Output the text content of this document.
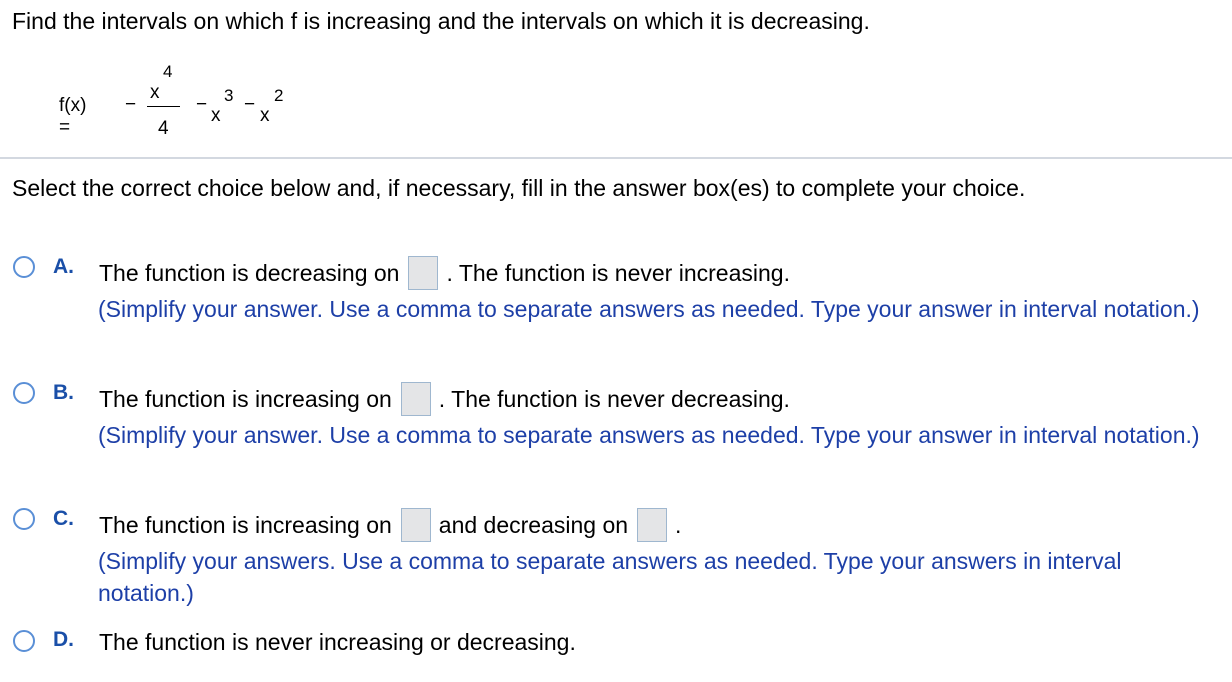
Find the intervals on which f is increasing and the intervals on which it is decreasing.
f(x) =
−
x
4
4
−
x
3 −
x
2
Select the correct choice below and, if necessary, fill in the answer box(es) to complete your choice.
A. The function is decreasing on . The function is never increasing.
(Simplify your answer. Use a comma to separate answers as needed. Type your answer in interval notation.)
B. The function is increasing on . The function is never decreasing.
(Simplify your answer. Use a comma to separate answers as needed. Type your answer in interval notation.)
C. The function is increasing on and decreasing on .
(Simplify your answers. Use a comma to separate answers as needed. Type your answers in interval notation.)
D. The function is never increasing or decreasing.
